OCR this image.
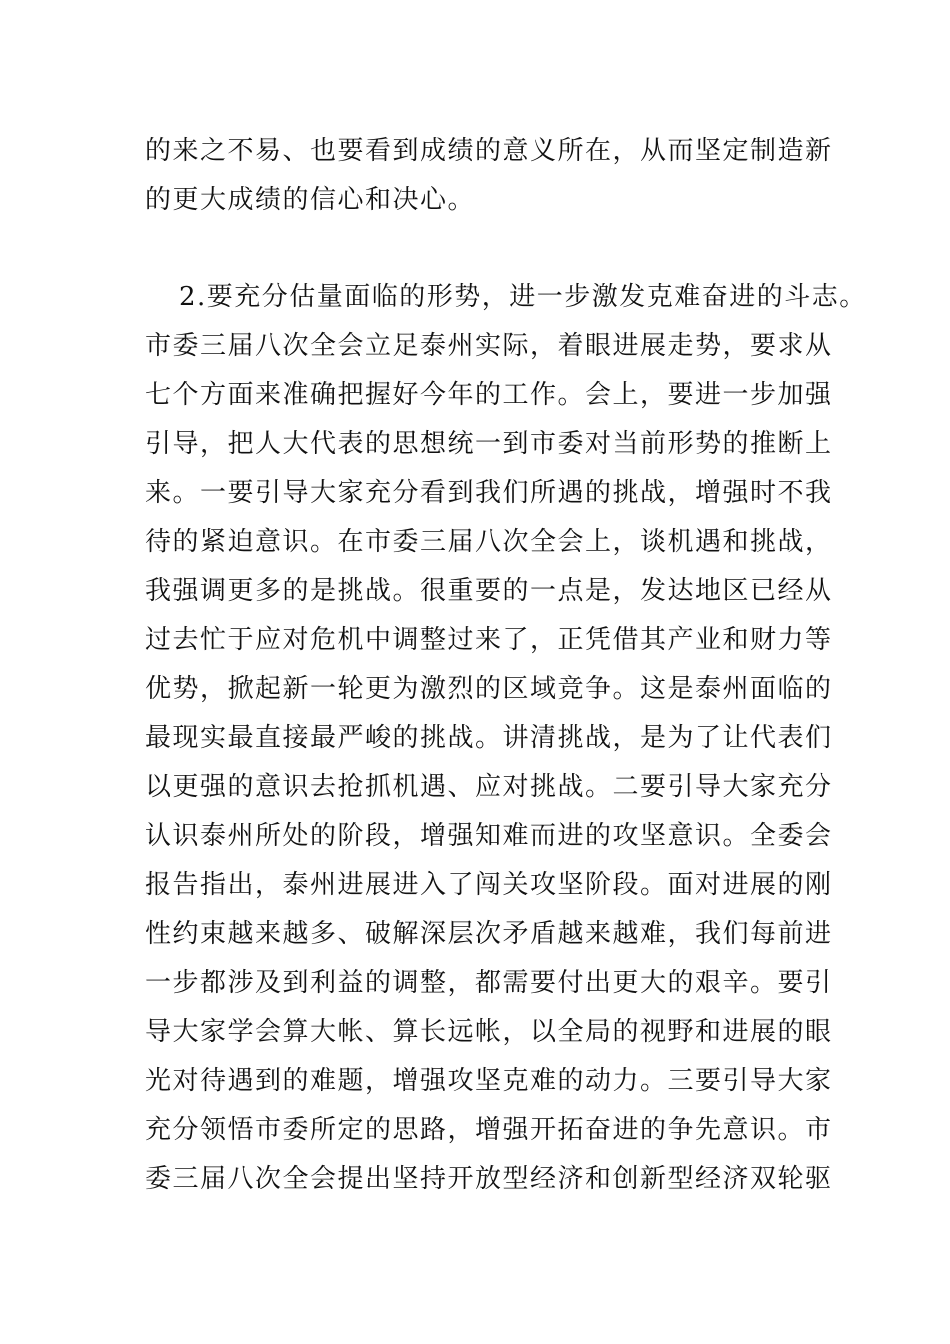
的来之不易、也要看到成绩的意义所在，从而坚定制造新
的更大成绩的信心和决心。

2.要充分估量面临的形势，进一步激发克难奋进的斗志。
市委三届八次全会立足泰州实际，着眼进展走势，要求从
七个方面来准确把握好今年的工作。会上，要进一步加强
引导，把人大代表的思想统一到市委对当前形势的推断上
来。一要引导大家充分看到我们所遇的挑战，增强时不我
待的紧迫意识。在市委三届八次全会上，谈机遇和挑战，
我强调更多的是挑战。很重要的一点是，发达地区已经从
过去忙于应对危机中调整过来了，正凭借其产业和财力等
优势，掀起新一轮更为激烈的区域竞争。这是泰州面临的
最现实最直接最严峻的挑战。讲清挑战，是为了让代表们
以更强的意识去抢抓机遇、应对挑战。二要引导大家充分
认识泰州所处的阶段，增强知难而进的攻坚意识。全委会
报告指出，泰州进展进入了闯关攻坚阶段。面对进展的刚
性约束越来越多、破解深层次矛盾越来越难，我们每前进
一步都涉及到利益的调整，都需要付出更大的艰辛。要引
导大家学会算大帐、算长远帐，以全局的视野和进展的眼
光对待遇到的难题，增强攻坚克难的动力。三要引导大家
充分领悟市委所定的思路，增强开拓奋进的争先意识。市
委三届八次全会提出坚持开放型经济和创新型经济双轮驱
